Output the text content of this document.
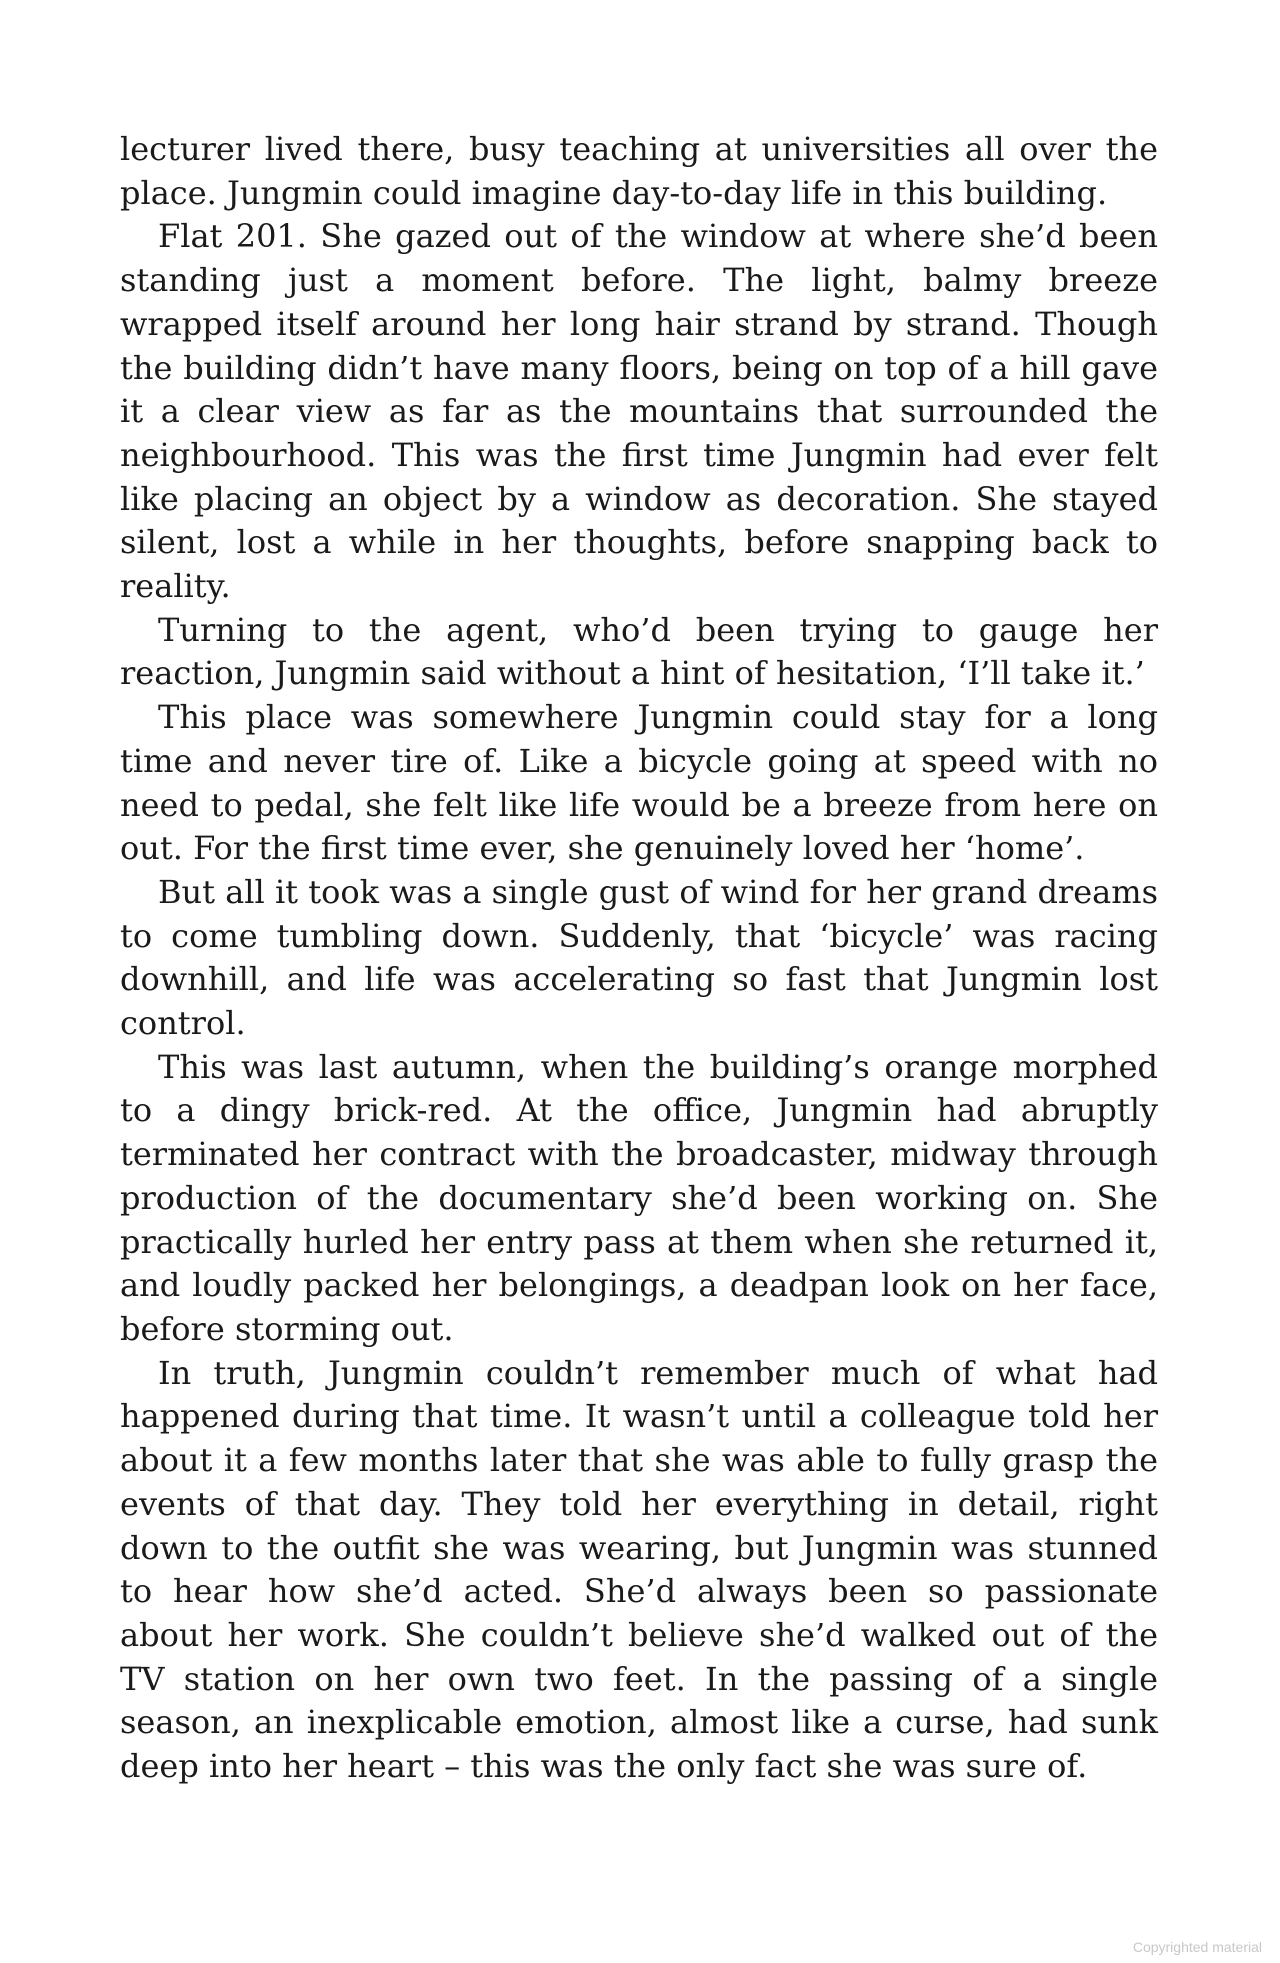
lecturer lived there, busy teaching at universities all over the place. Jungmin could imagine day-to-day life in this building.

Flat 201. She gazed out of the window at where she’d been standing just a moment before. The light, balmy breeze wrapped itself around her long hair strand by strand. Though the building didn’t have many floors, being on top of a hill gave it a clear view as far as the mountains that surrounded the neighbourhood. This was the first time Jungmin had ever felt like placing an object by a window as decoration. She stayed silent, lost a while in her thoughts, before snapping back to reality.

Turning to the agent, who’d been trying to gauge her reaction, Jungmin said without a hint of hesitation, ‘I’ll take it.’

This place was somewhere Jungmin could stay for a long time and never tire of. Like a bicycle going at speed with no need to pedal, she felt like life would be a breeze from here on out. For the first time ever, she genuinely loved her ‘home’.

But all it took was a single gust of wind for her grand dreams to come tumbling down. Suddenly, that ‘bicycle’ was racing downhill, and life was accelerating so fast that Jungmin lost control.

This was last autumn, when the building’s orange morphed to a dingy brick-red. At the office, Jungmin had abruptly terminated her contract with the broadcaster, midway through production of the documentary she’d been working on. She practically hurled her entry pass at them when she returned it, and loudly packed her belongings, a deadpan look on her face, before storming out.

In truth, Jungmin couldn’t remember much of what had happened during that time. It wasn’t until a colleague told her about it a few months later that she was able to fully grasp the events of that day. They told her everything in detail, right down to the outfit she was wearing, but Jungmin was stunned to hear how she’d acted. She’d always been so passionate about her work. She couldn’t believe she’d walked out of the TV station on her own two feet. In the passing of a single season, an inexplicable emotion, almost like a curse, had sunk deep into her heart – this was the only fact she was sure of.

Copyrighted material
